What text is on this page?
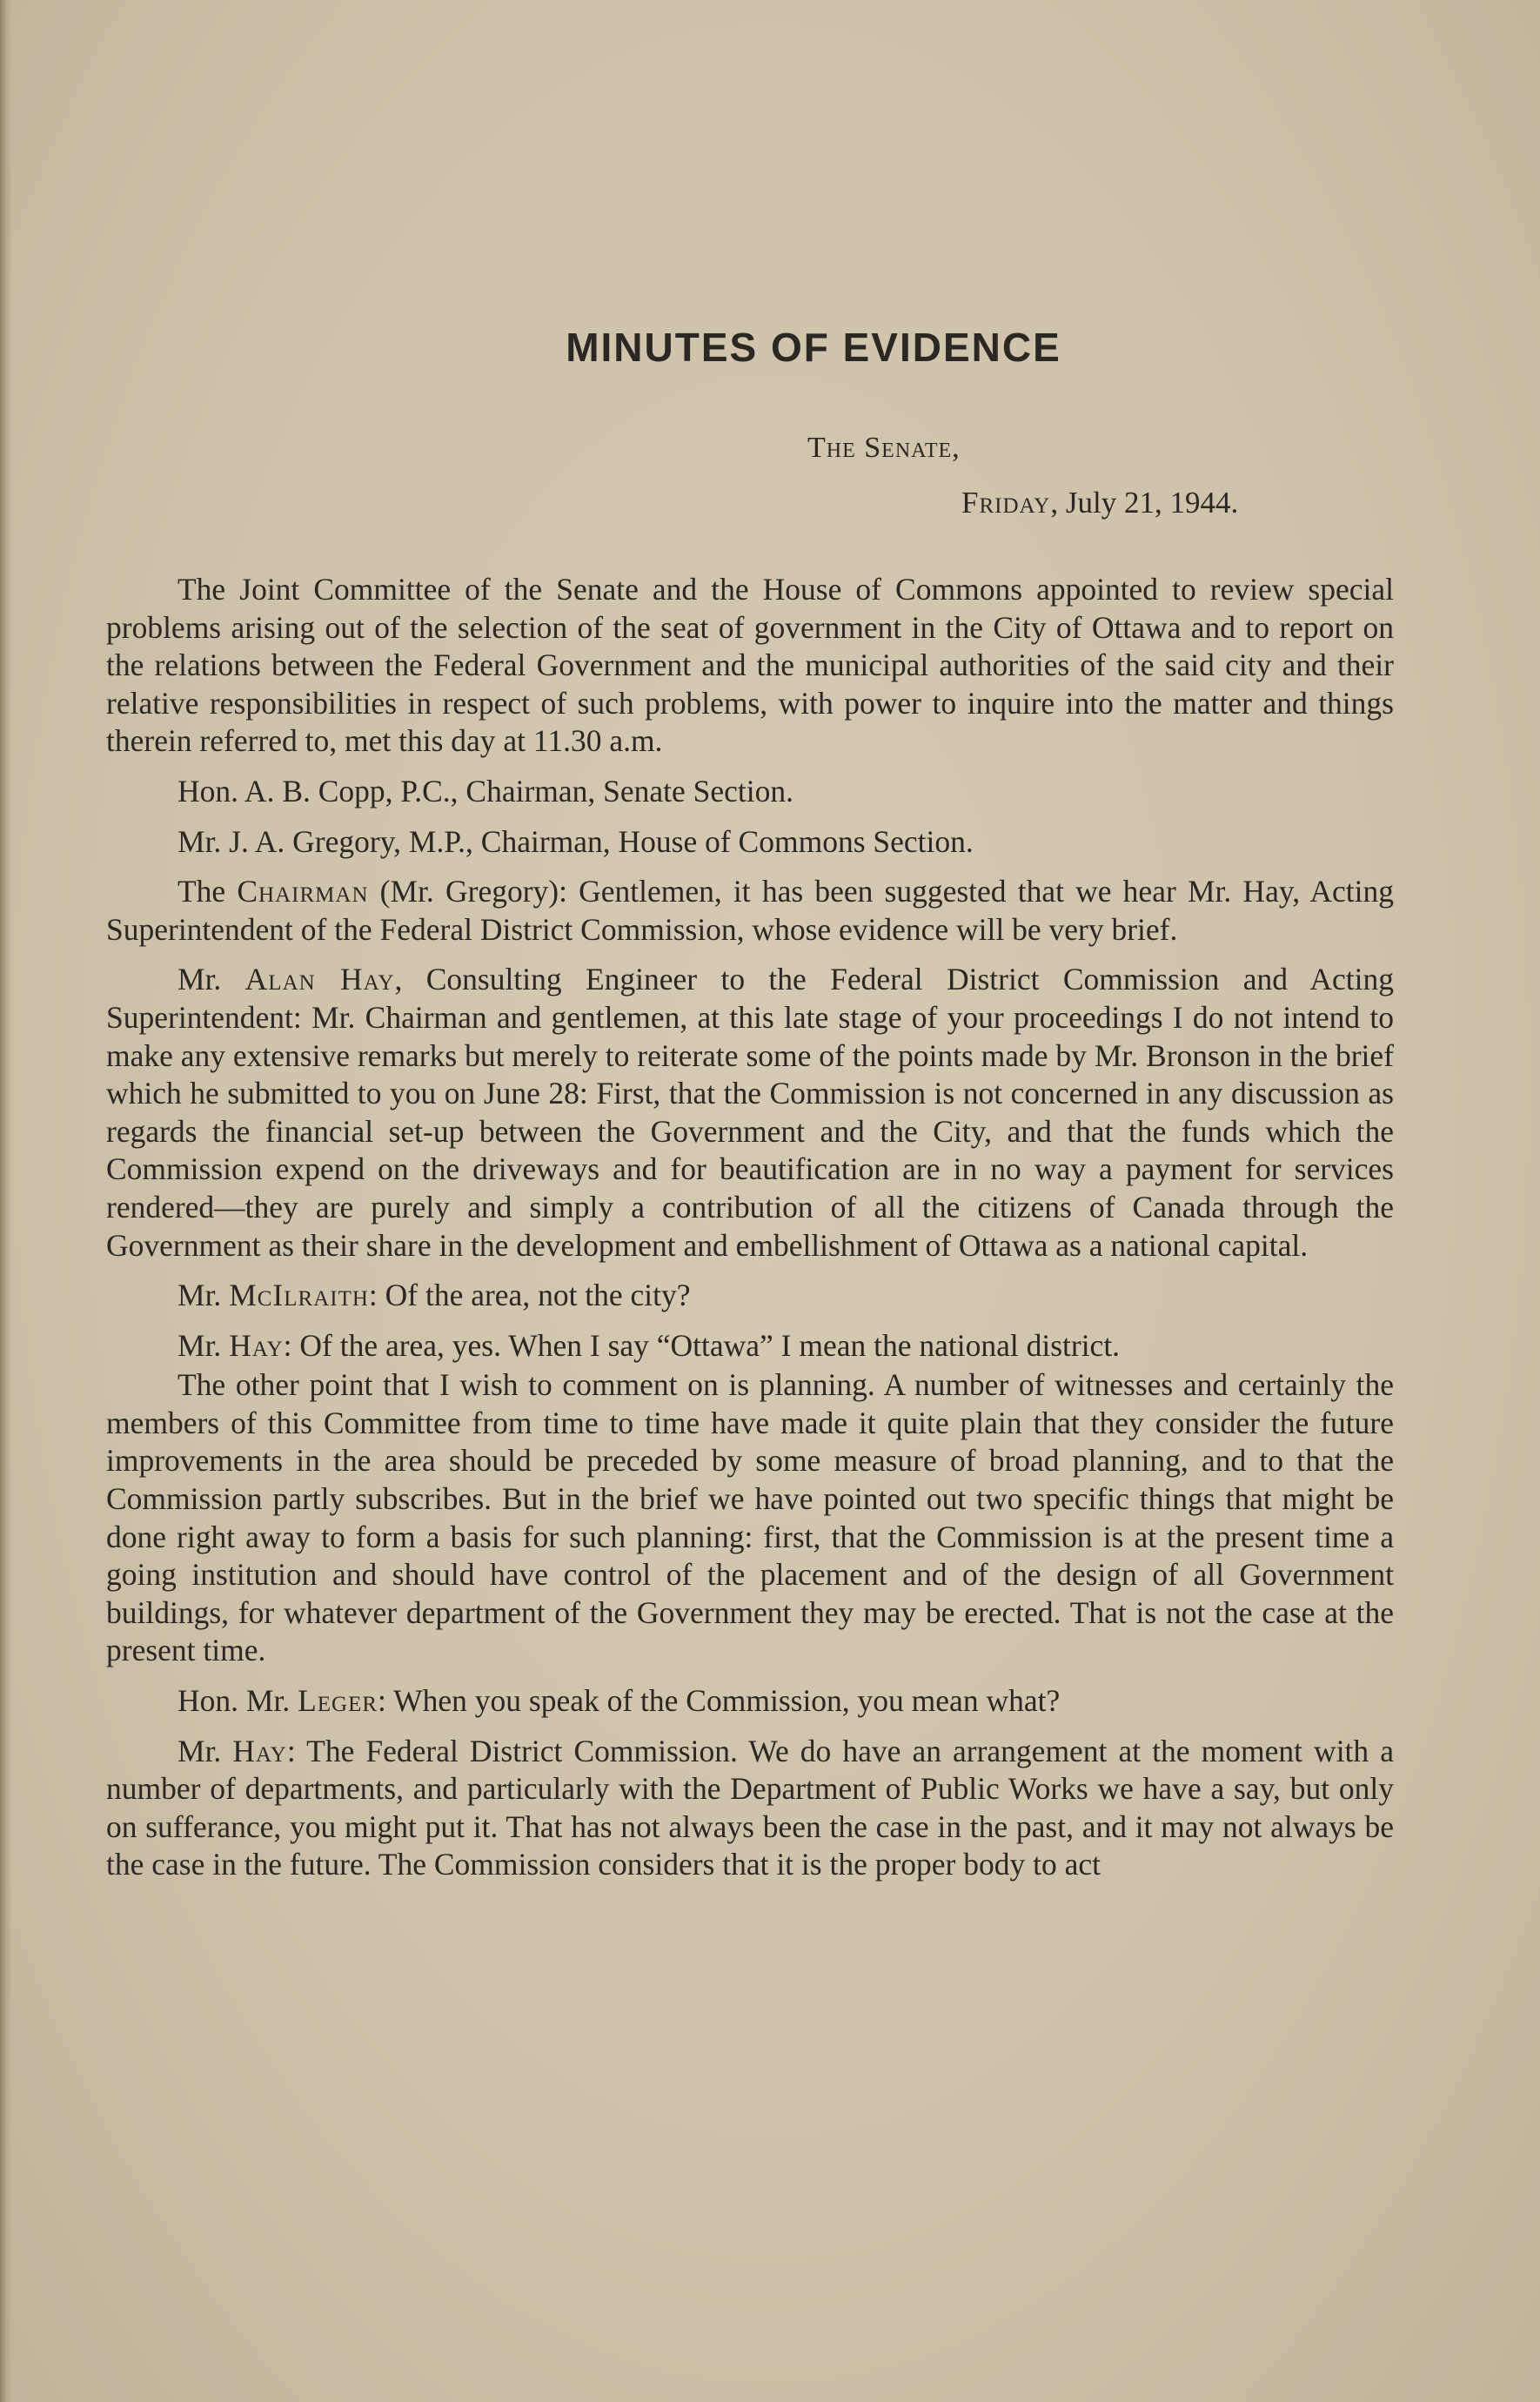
MINUTES OF EVIDENCE

The Senate,

Friday, July 21, 1944.

The Joint Committee of the Senate and the House of Commons appointed to review special problems arising out of the selection of the seat of government in the City of Ottawa and to report on the relations between the Federal Government and the municipal authorities of the said city and their relative responsibilities in respect of such problems, with power to inquire into the matter and things therein referred to, met this day at 11.30 a.m.

Hon. A. B. Copp, P.C., Chairman, Senate Section.

Mr. J. A. Gregory, M.P., Chairman, House of Commons Section.

The Chairman (Mr. Gregory): Gentlemen, it has been suggested that we hear Mr. Hay, Acting Superintendent of the Federal District Commission, whose evidence will be very brief.

Mr. Alan Hay, Consulting Engineer to the Federal District Commission and Acting Superintendent: Mr. Chairman and gentlemen, at this late stage of your proceedings I do not intend to make any extensive remarks but merely to reiterate some of the points made by Mr. Bronson in the brief which he submitted to you on June 28: First, that the Commission is not concerned in any discussion as regards the financial set-up between the Government and the City, and that the funds which the Commission expend on the driveways and for beautification are in no way a payment for services rendered—they are purely and simply a contribution of all the citizens of Canada through the Government as their share in the development and embellishment of Ottawa as a national capital.

Mr. McIlraith: Of the area, not the city?

Mr. Hay: Of the area, yes. When I say “Ottawa” I mean the national district.

The other point that I wish to comment on is planning. A number of witnesses and certainly the members of this Committee from time to time have made it quite plain that they consider the future improvements in the area should be preceded by some measure of broad planning, and to that the Commission partly subscribes. But in the brief we have pointed out two specific things that might be done right away to form a basis for such planning: first, that the Commission is at the present time a going institution and should have control of the placement and of the design of all Government buildings, for whatever department of the Government they may be erected. That is not the case at the present time.

Hon. Mr. Leger: When you speak of the Commission, you mean what?

Mr. Hay: The Federal District Commission. We do have an arrangement at the moment with a number of departments, and particularly with the Department of Public Works we have a say, but only on sufferance, you might put it. That has not always been the case in the past, and it may not always be the case in the future. The Commission considers that it is the proper body to act
